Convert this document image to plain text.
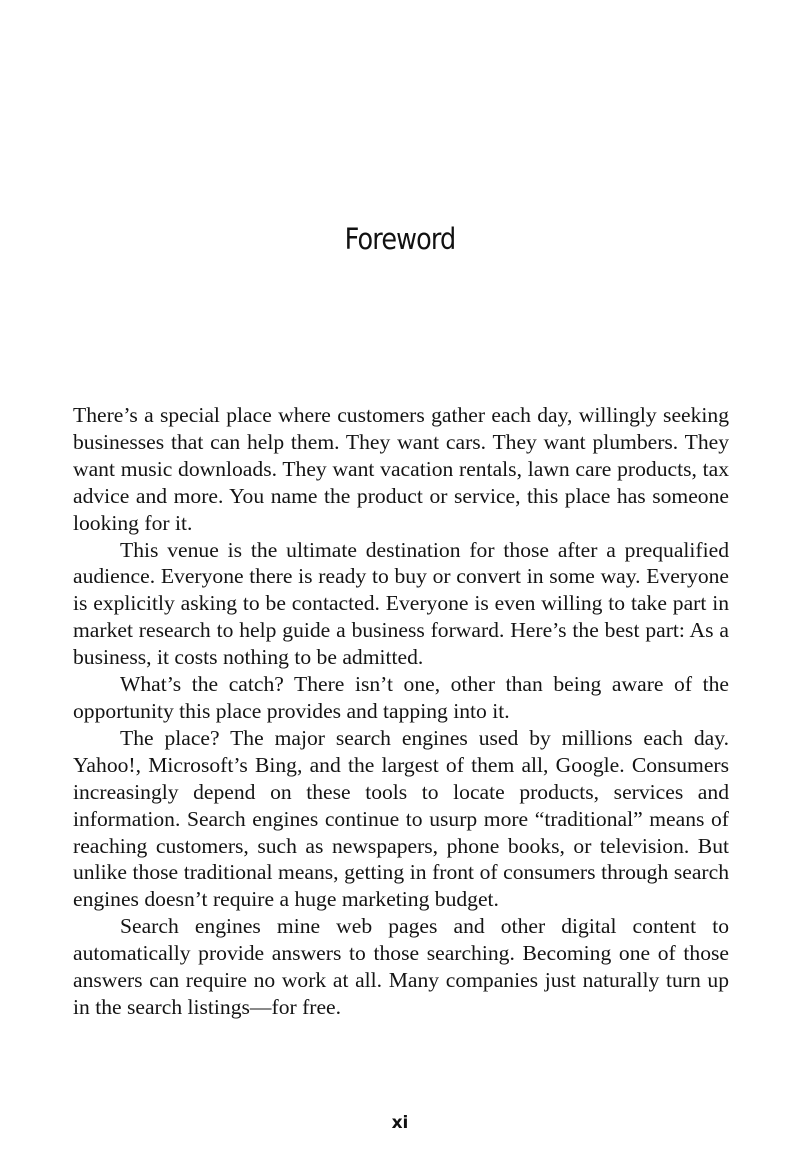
Foreword

There’s a special place where customers gather each day, willingly seeking businesses that can help them. They want cars. They want plumbers. They want music downloads. They want vacation rentals, lawn care products, tax advice and more. You name the product or service, this place has someone looking for it.

This venue is the ultimate destination for those after a prequalified audience. Everyone there is ready to buy or convert in some way. Everyone is explicitly asking to be contacted. Everyone is even willing to take part in market research to help guide a business forward. Here’s the best part: As a business, it costs nothing to be admitted.

What’s the catch? There isn’t one, other than being aware of the opportunity this place provides and tapping into it.

The place? The major search engines used by millions each day. Yahoo!, Microsoft’s Bing, and the largest of them all, Google. Consumers increasingly depend on these tools to locate products, services and information. Search engines continue to usurp more “traditional” means of reaching customers, such as newspapers, phone books, or television. But unlike those traditional means, getting in front of consumers through search engines doesn’t require a huge marketing budget.

Search engines mine web pages and other digital content to automatically provide answers to those searching. Becoming one of those answers can require no work at all. Many companies just naturally turn up in the search listings—for free.

xi
